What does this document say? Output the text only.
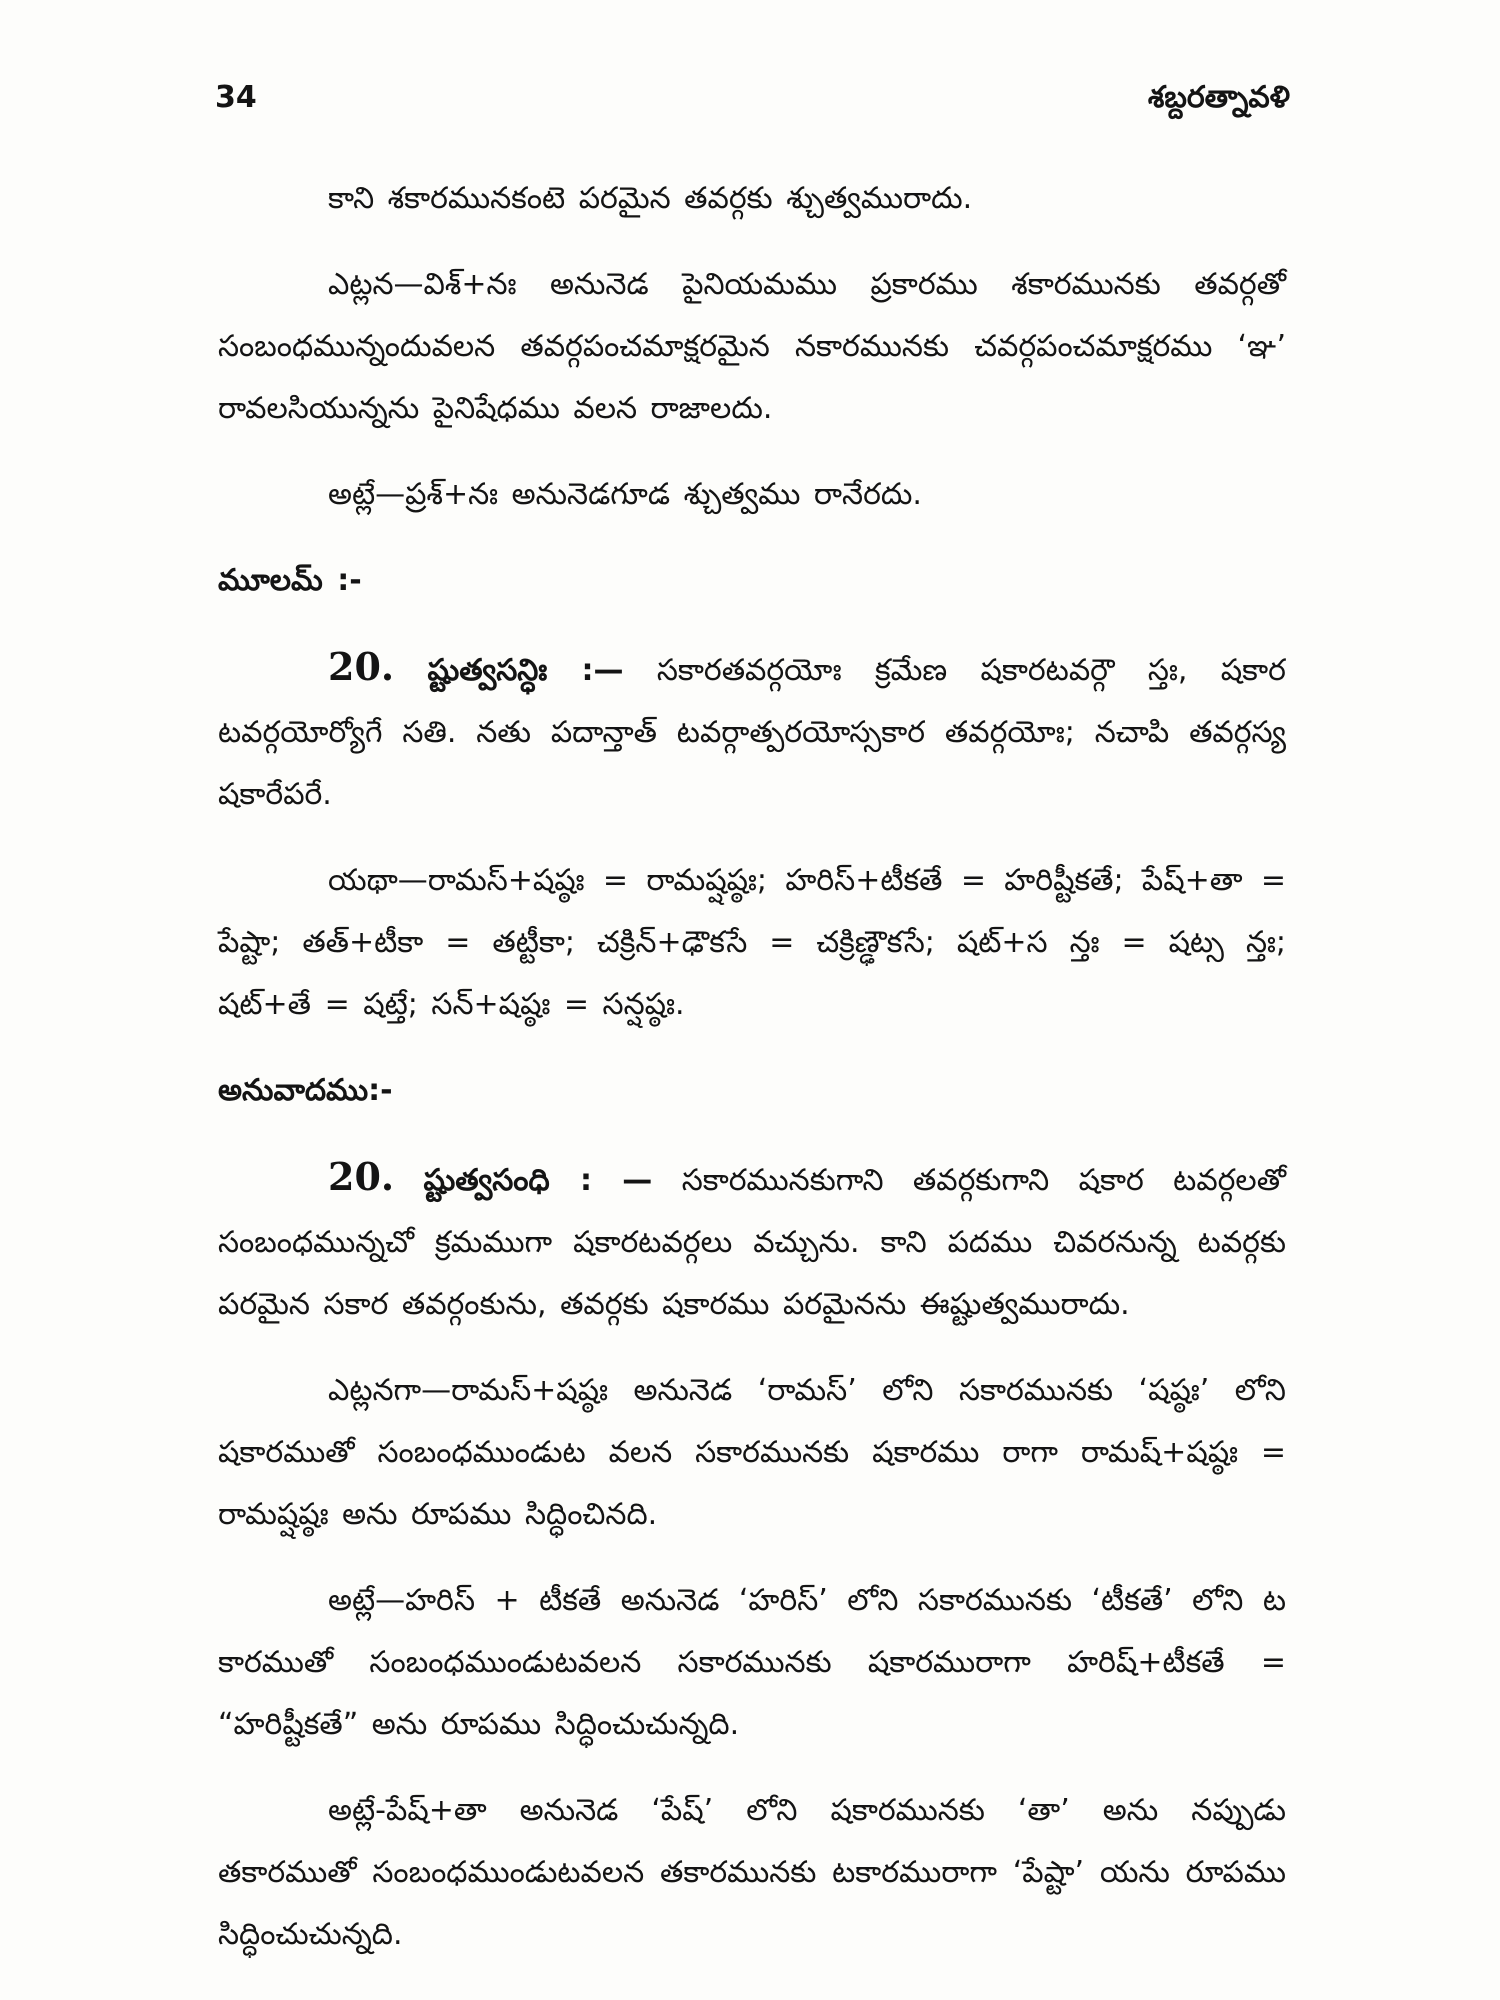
34	శబ్దరత్నావళి

కాని శకారమునకంటె పరమైన తవర్గకు శ్చుత్వమురాదు.

ఎట్లన—విశ్+నః అనునెడ పైనియమము ప్రకారము శకారమునకు తవర్గతో సంబంధమున్నందువలన తవర్గపంచమాక్షరమైన నకారమునకు చవర్గపంచమాక్షరము ‘ఞ’ రావలసియున్నను పైనిషేధము వలన రాజాలదు.

అట్లే—ప్రశ్+నః అనునెడగూడ శ్చుత్వము రానేరదు.

మూలమ్ :-

20. ష్టుత్వసన్ధిః :— సకారతవర్గయోః క్రమేణ షకారటవర్గౌ స్తః, షకార టవర్గయోర్యోగే సతి. నతు పదాన్తాత్ టవర్గాత్పరయోస్సకార తవర్గయోః; నచాపి తవర్గస్య షకారేపరే.

యథా—రామస్+షష్ఠః = రామష్షష్ఠః; హరిస్+టీకతే = హరిష్టీకతే; పేష్+తా = పేష్టా; తత్+టీకా = తట్టీకా; చక్రిన్+ఢౌకసే = చక్రిణ్ఢౌకసే; షట్+స న్తః = షట్స న్తః; షట్+తే = షట్తే; సన్+షష్ఠః = సన్షష్ఠః.

అనువాదము:-

20. ష్టుత్వసంధి : — సకారమునకుగాని తవర్గకుగాని షకార టవర్గలతో సంబంధమున్నచో క్రమముగా షకారటవర్గలు వచ్చును. కాని పదము చివరనున్న టవర్గకు పరమైన సకార తవర్గంకును, తవర్గకు షకారము పరమైనను ఈష్టుత్వమురాదు.

ఎట్లనగా—రామస్+షష్ఠః అనునెడ ‘రామస్’ లోని సకారమునకు ‘షష్ఠః’ లోని షకారముతో సంబంధముండుట వలన సకారమునకు షకారము రాగా రామష్+షష్ఠః = రామష్షష్ఠః అను రూపము సిద్ధించినది.

అట్లే—హరిస్ + టీకతే అనునెడ ‘హరిస్’ లోని సకారమునకు ‘టీకతే’ లోని ట కారముతో సంబంధముండుటవలన సకారమునకు షకారమురాగా హరిష్+టీకతే = “హరిష్టీకతే” అను రూపము సిద్ధించుచున్నది.

అట్లే-పేష్+తా అనునెడ ‘పేష్’ లోని షకారమునకు ‘తా’ అను నప్పుడు తకారముతో సంబంధముండుటవలన తకారమునకు టకారమురాగా ‘పేష్టా’ యను రూపము సిద్ధించుచున్నది.
